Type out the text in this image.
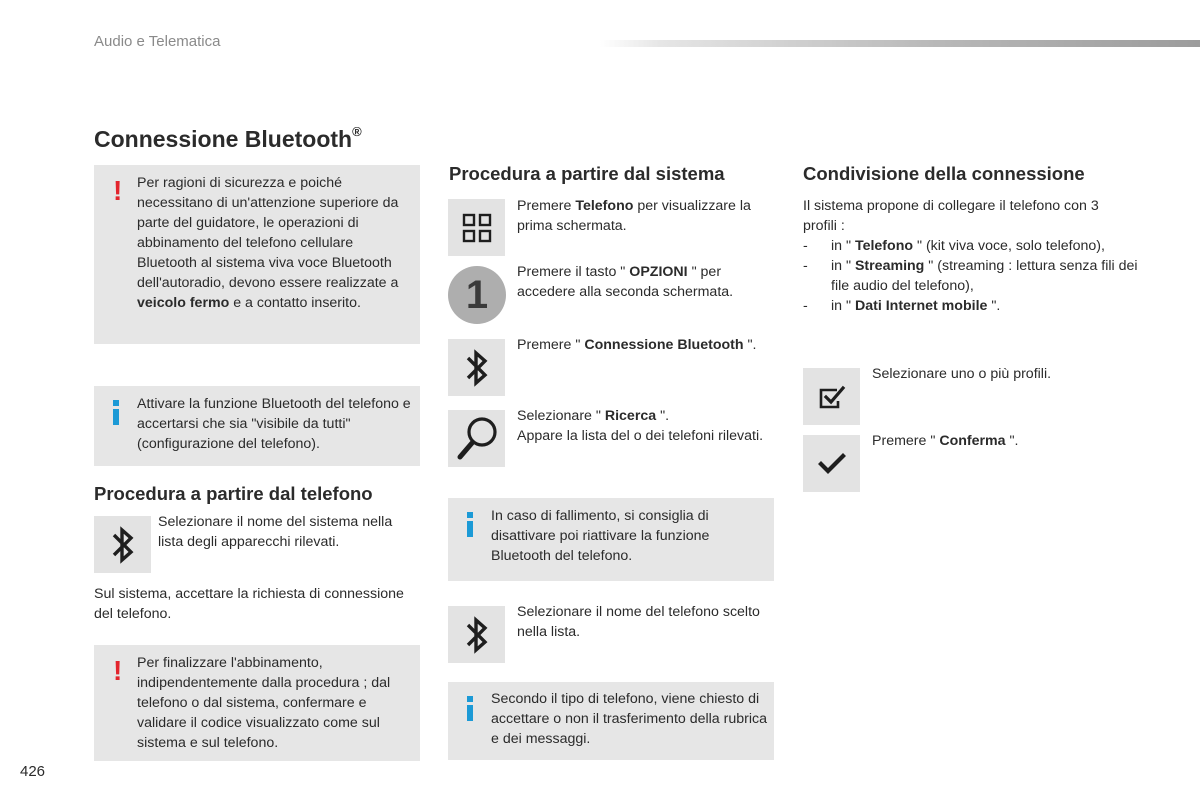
Audio e Telematica
Connessione Bluetooth®
! Per ragioni di sicurezza e poiché necessitano di un'attenzione superiore da parte del guidatore, le operazioni di abbinamento del telefono cellulare Bluetooth al sistema viva voce Bluetooth dell'autoradio, devono essere realizzate a veicolo fermo e a contatto inserito.
Attivare la funzione Bluetooth del telefono e accertarsi che sia "visibile da tutti" (configurazione del telefono).
Procedura a partire dal telefono
Selezionare il nome del sistema nella lista degli apparecchi rilevati.
Sul sistema, accettare la richiesta di connessione del telefono.
! Per finalizzare l'abbinamento, indipendentemente dalla procedura ; dal telefono o dal sistema, confermare e validare il codice visualizzato come sul sistema e sul telefono.
Procedura a partire dal sistema
Premere Telefono per visualizzare la prima schermata.
1
Premere il tasto " OPZIONI " per accedere alla seconda schermata.
Premere " Connessione Bluetooth ".
Selezionare " Ricerca ".
Appare la lista del o dei telefoni rilevati.
In caso di fallimento, si consiglia di disattivare poi riattivare la funzione Bluetooth del telefono.
Selezionare il nome del telefono scelto nella lista.
Secondo il tipo di telefono, viene chiesto di accettare o non il trasferimento della rubrica e dei messaggi.
Condivisione della connessione
Il sistema propone di collegare il telefono con 3 profili :
- in " Telefono " (kit viva voce, solo telefono),
- in " Streaming " (streaming : lettura senza fili dei file audio del telefono),
- in " Dati Internet mobile ".
Selezionare uno o più profili.
Premere " Conferma ".
426
